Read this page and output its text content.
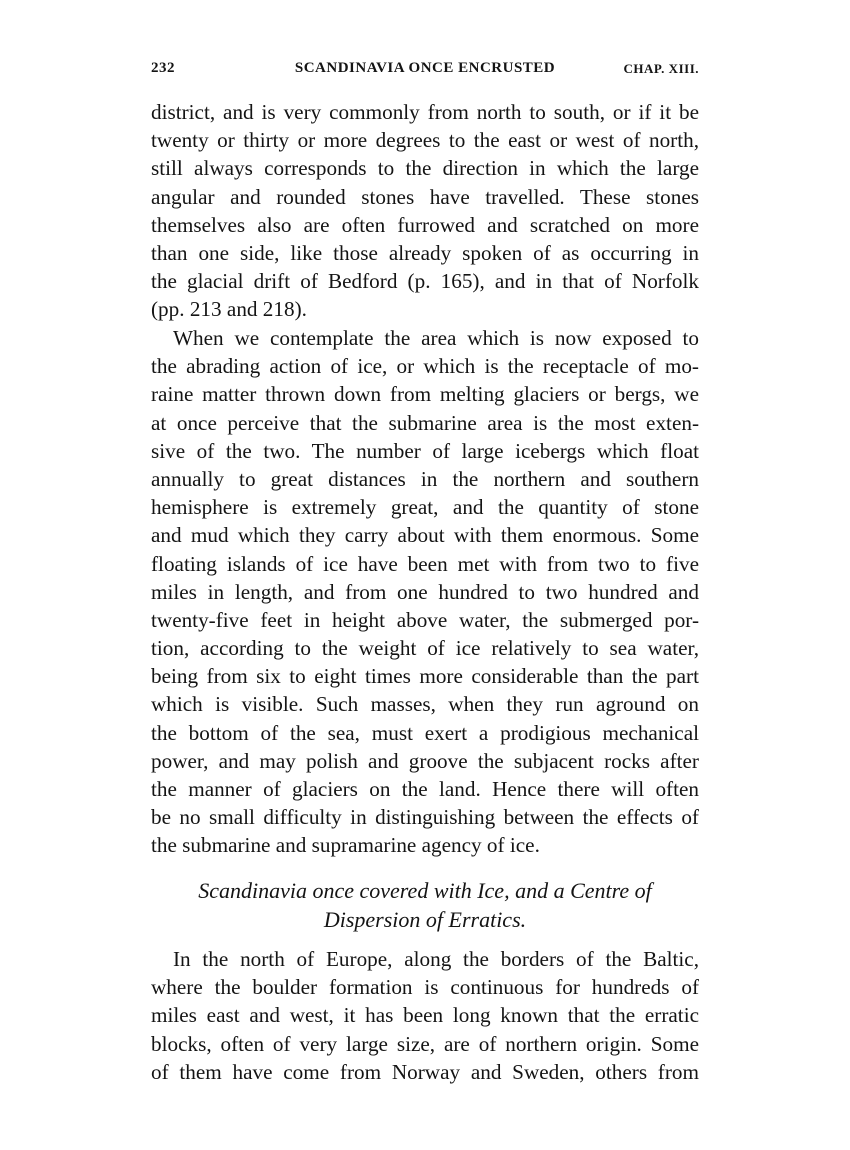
232	SCANDINAVIA ONCE ENCRUSTED	CHAP. XIII.
district, and is very commonly from north to south, or if it be
twenty or thirty or more degrees to the east or west of north,
still always corresponds to the direction in which the large
angular and rounded stones have travelled. These stones
themselves also are often furrowed and scratched on more
than one side, like those already spoken of as occurring in
the glacial drift of Bedford (p. 165), and in that of Norfolk
(pp. 213 and 218).
When we contemplate the area which is now exposed to
the abrading action of ice, or which is the receptacle of mo-
raine matter thrown down from melting glaciers or bergs, we
at once perceive that the submarine area is the most exten-
sive of the two. The number of large icebergs which float
annually to great distances in the northern and southern
hemisphere is extremely great, and the quantity of stone
and mud which they carry about with them enormous. Some
floating islands of ice have been met with from two to five
miles in length, and from one hundred to two hundred and
twenty-five feet in height above water, the submerged por-
tion, according to the weight of ice relatively to sea water,
being from six to eight times more considerable than the part
which is visible. Such masses, when they run aground on
the bottom of the sea, must exert a prodigious mechanical
power, and may polish and groove the subjacent rocks after
the manner of glaciers on the land. Hence there will often
be no small difficulty in distinguishing between the effects of
the submarine and supramarine agency of ice.
Scandinavia once covered with Ice, and a Centre of
Dispersion of Erratics.
In the north of Europe, along the borders of the Baltic,
where the boulder formation is continuous for hundreds of
miles east and west, it has been long known that the erratic
blocks, often of very large size, are of northern origin. Some
of them have come from Norway and Sweden, others from
